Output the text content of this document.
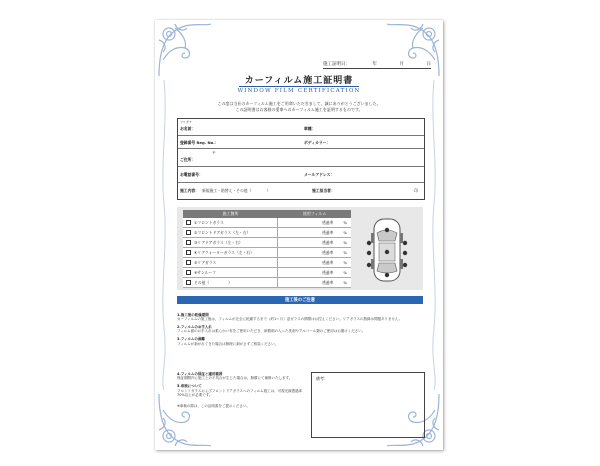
施工証明日：	年	月	日
カーフィルム施工証明書
WINDOW FILM CERTIFICATION
この度は当社のカーフィルム施工をご用命いただきまして、誠にありがとうございました。
この証明書はお客様の愛車へのカーフィルム施工を証明するものです。
フリガナ
お名前：	車種：
登録番号 Reg. No.：	ボディカラー：
ご住所：
〒
お電話番号：	メールアドレス：
施工内容： 新規施工・貼替え・その他（　　　　）	施工担当者：	印
施工箇所	使用フィルム
①フロントガラス	透過率	%
②フロントドアガラス（左・右）	透過率	%
③リアドアガラス（左・右）	透過率	%
④リアクォーターガラス（左・右）	透過率	%
⑤リアガラス	透過率	%
⑥サンルーフ	透過率	%
その他（　　　　　）	透過率	%
施工後のご注意
1.施工後の乾燥期間
カーフィルムの施工後は、フィルムが完全に乾燥するまで（約1ヶ月）窓ガラスの開閉はお控えください。リアガラスの熱線は問題ありません。
2.フィルムのお手入れ
フィルム面のお手入れは柔らかい布をご使用いただき、研磨剤の入った洗剤やアルコール類のご使用はお避けください。
3.フィルムの剥離
フィルムが剥がれてきた場合は無理に剥がさずご相談ください。
4.フィルムの保証と適用範囲
保証期間内に施工上の不具合が生じた場合は、無償にて補修いたします。
5.車検について
フロントガラスおよびフロントドアガラスへのフィルム施工は、可視光線透過率70%以上が必要です。
※車検の際は、この証明書をご提示ください。
備考：
